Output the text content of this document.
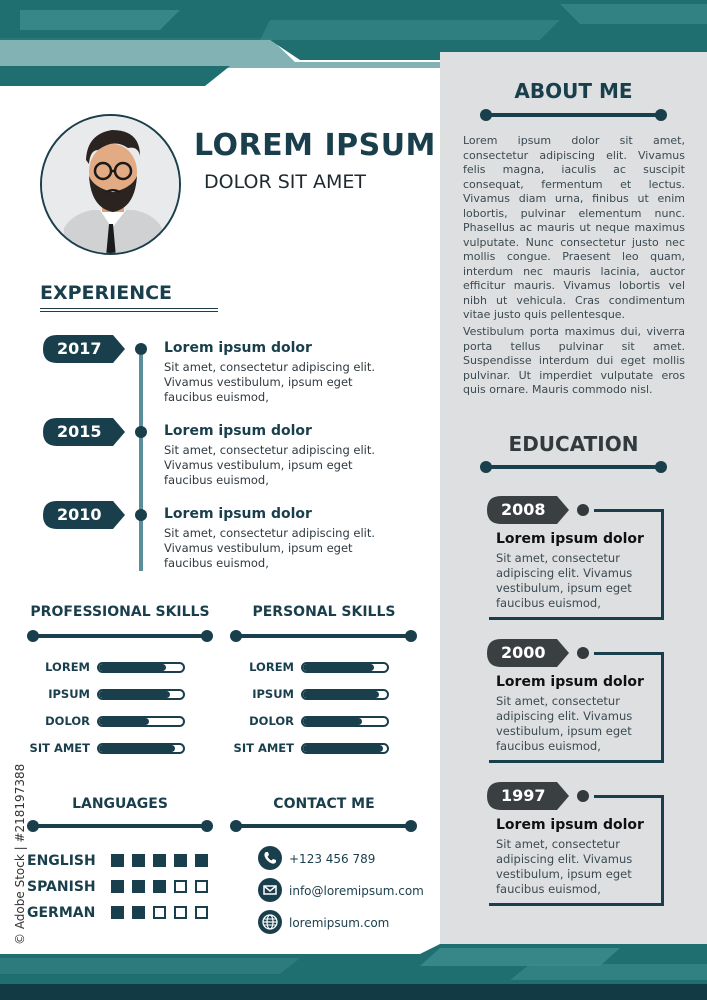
LOREM IPSUM
DOLOR SIT AMET
ABOUT ME
Lorem ipsum dolor sit amet, consectetur adipiscing elit. Vivamus felis magna, iaculis ac suscipit consequat, fermentum et lectus. Vivamus diam urna, finibus ut enim lobortis, pulvinar elementum nunc. Phasellus ac mauris ut neque maximus vulputate. Nunc consectetur justo nec mollis congue. Praesent leo quam, interdum nec mauris lacinia, auctor efficitur mauris. Vivamus lobortis vel nibh ut vehicula. Cras condimentum vitae justo quis pellentesque.
Vestibulum porta maximus dui, viverra porta tellus pulvinar sit amet. Suspendisse interdum dui eget mollis pulvinar. Ut imperdiet vulputate eros quis ornare. Mauris commodo nisl.
EXPERIENCE
2017	Lorem ipsum dolor
Sit amet, consectetur adipiscing elit. Vivamus vestibulum, ipsum eget faucibus euismod,
2015	Lorem ipsum dolor
Sit amet, consectetur adipiscing elit. Vivamus vestibulum, ipsum eget faucibus euismod,
2010	Lorem ipsum dolor
Sit amet, consectetur adipiscing elit. Vivamus vestibulum, ipsum eget faucibus euismod,
EDUCATION
2008
Lorem ipsum dolor
Sit amet, consectetur adipiscing elit. Vivamus vestibulum, ipsum eget faucibus euismod,
2000
Lorem ipsum dolor
Sit amet, consectetur adipiscing elit. Vivamus vestibulum, ipsum eget faucibus euismod,
1997
Lorem ipsum dolor
Sit amet, consectetur adipiscing elit. Vivamus vestibulum, ipsum eget faucibus euismod,
PROFESSIONAL SKILLS
LOREM
IPSUM
DOLOR
SIT AMET
PERSONAL SKILLS
LOREM
IPSUM
DOLOR
SIT AMET
LANGUAGES
ENGLISH
SPANISH
GERMAN
CONTACT ME
+123 456 789
info@loremipsum.com
loremipsum.com
© Adobe Stock | #218197388
